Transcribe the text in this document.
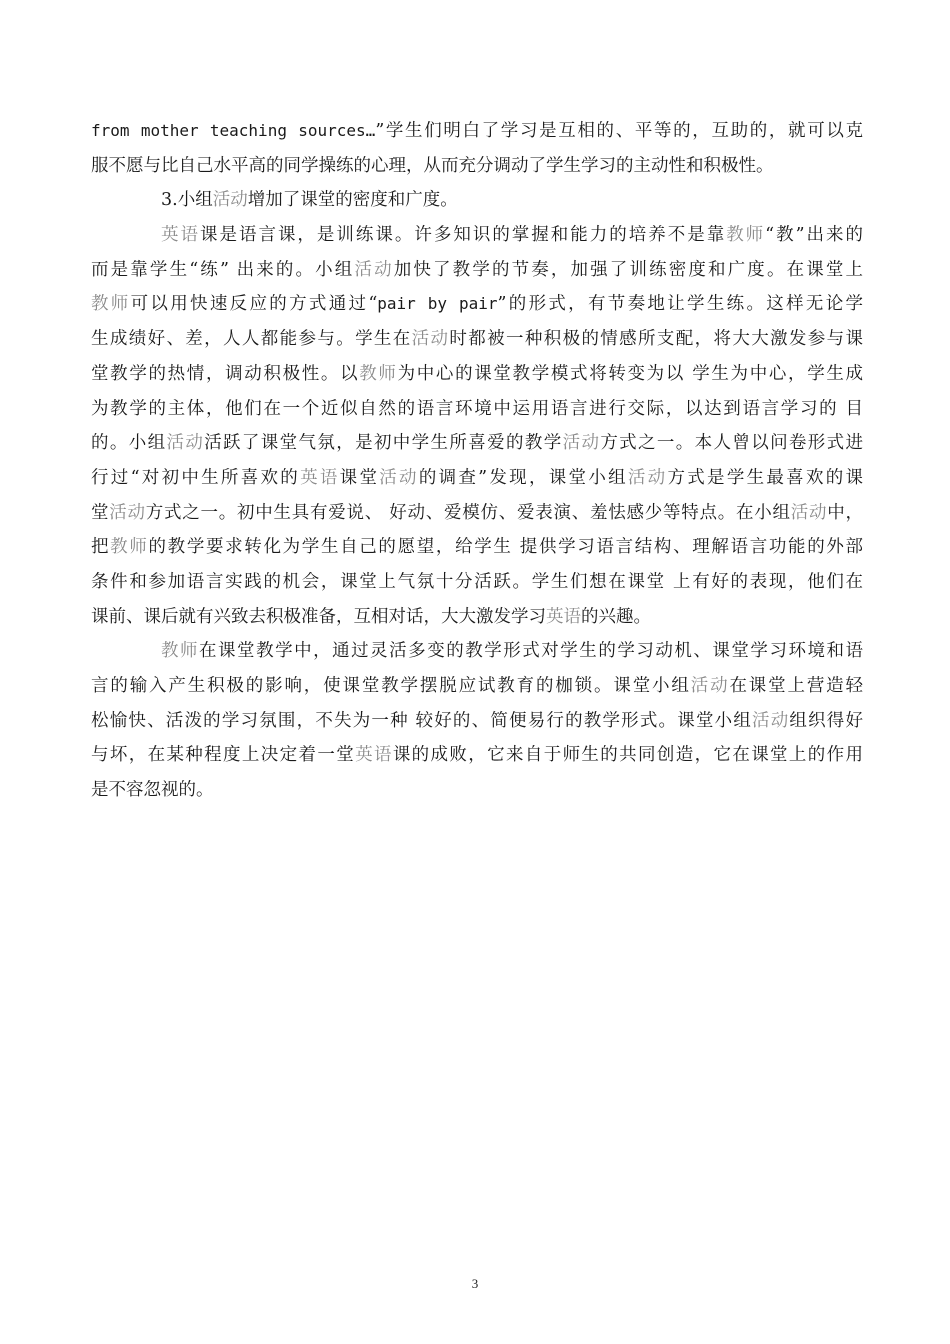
from mother teaching sources…”学生们明白了学习是互相的、平等的，互助的，就可以克
服不愿与比自己水平高的同学操练的心理，从而充分调动了学生学习的主动性和积极性。
3.小组活动增加了课堂的密度和广度。
英语课是语言课，是训练课。许多知识的掌握和能力的培养不是靠教师“教”出来的
而是靠学生“练” 出来的。小组活动加快了教学的节奏，加强了训练密度和广度。在课堂上
教师可以用快速反应的方式通过“pair by pair”的形式，有节奏地让学生练。这样无论学
生成绩好、差，人人都能参与。学生在活动时都被一种积极的情感所支配，将大大激发参与课
堂教学的热情，调动积极性。以教师为中心的课堂教学模式将转变为以 学生为中心，学生成
为教学的主体，他们在一个近似自然的语言环境中运用语言进行交际，以达到语言学习的 目
的。小组活动活跃了课堂气氛，是初中学生所喜爱的教学活动方式之一。本人曾以问卷形式进
行过“对初中生所喜欢的英语课堂活动的调查”发现，课堂小组活动方式是学生最喜欢的课
堂活动方式之一。初中生具有爱说、 好动、爱模仿、爱表演、羞怯感少等特点。在小组活动中，
把教师的教学要求转化为学生自己的愿望，给学生 提供学习语言结构、理解语言功能的外部
条件和参加语言实践的机会，课堂上气氛十分活跃。学生们想在课堂 上有好的表现，他们在
课前、课后就有兴致去积极准备，互相对话，大大激发学习英语的兴趣。
教师在课堂教学中，通过灵活多变的教学形式对学生的学习动机、课堂学习环境和语
言的输入产生积极的影响，使课堂教学摆脱应试教育的枷锁。课堂小组活动在课堂上营造轻
松愉快、活泼的学习氛围，不失为一种 较好的、简便易行的教学形式。课堂小组活动组织得好
与坏，在某种程度上决定着一堂英语课的成败，它来自于师生的共同创造，它在课堂上的作用
是不容忽视的。
3
